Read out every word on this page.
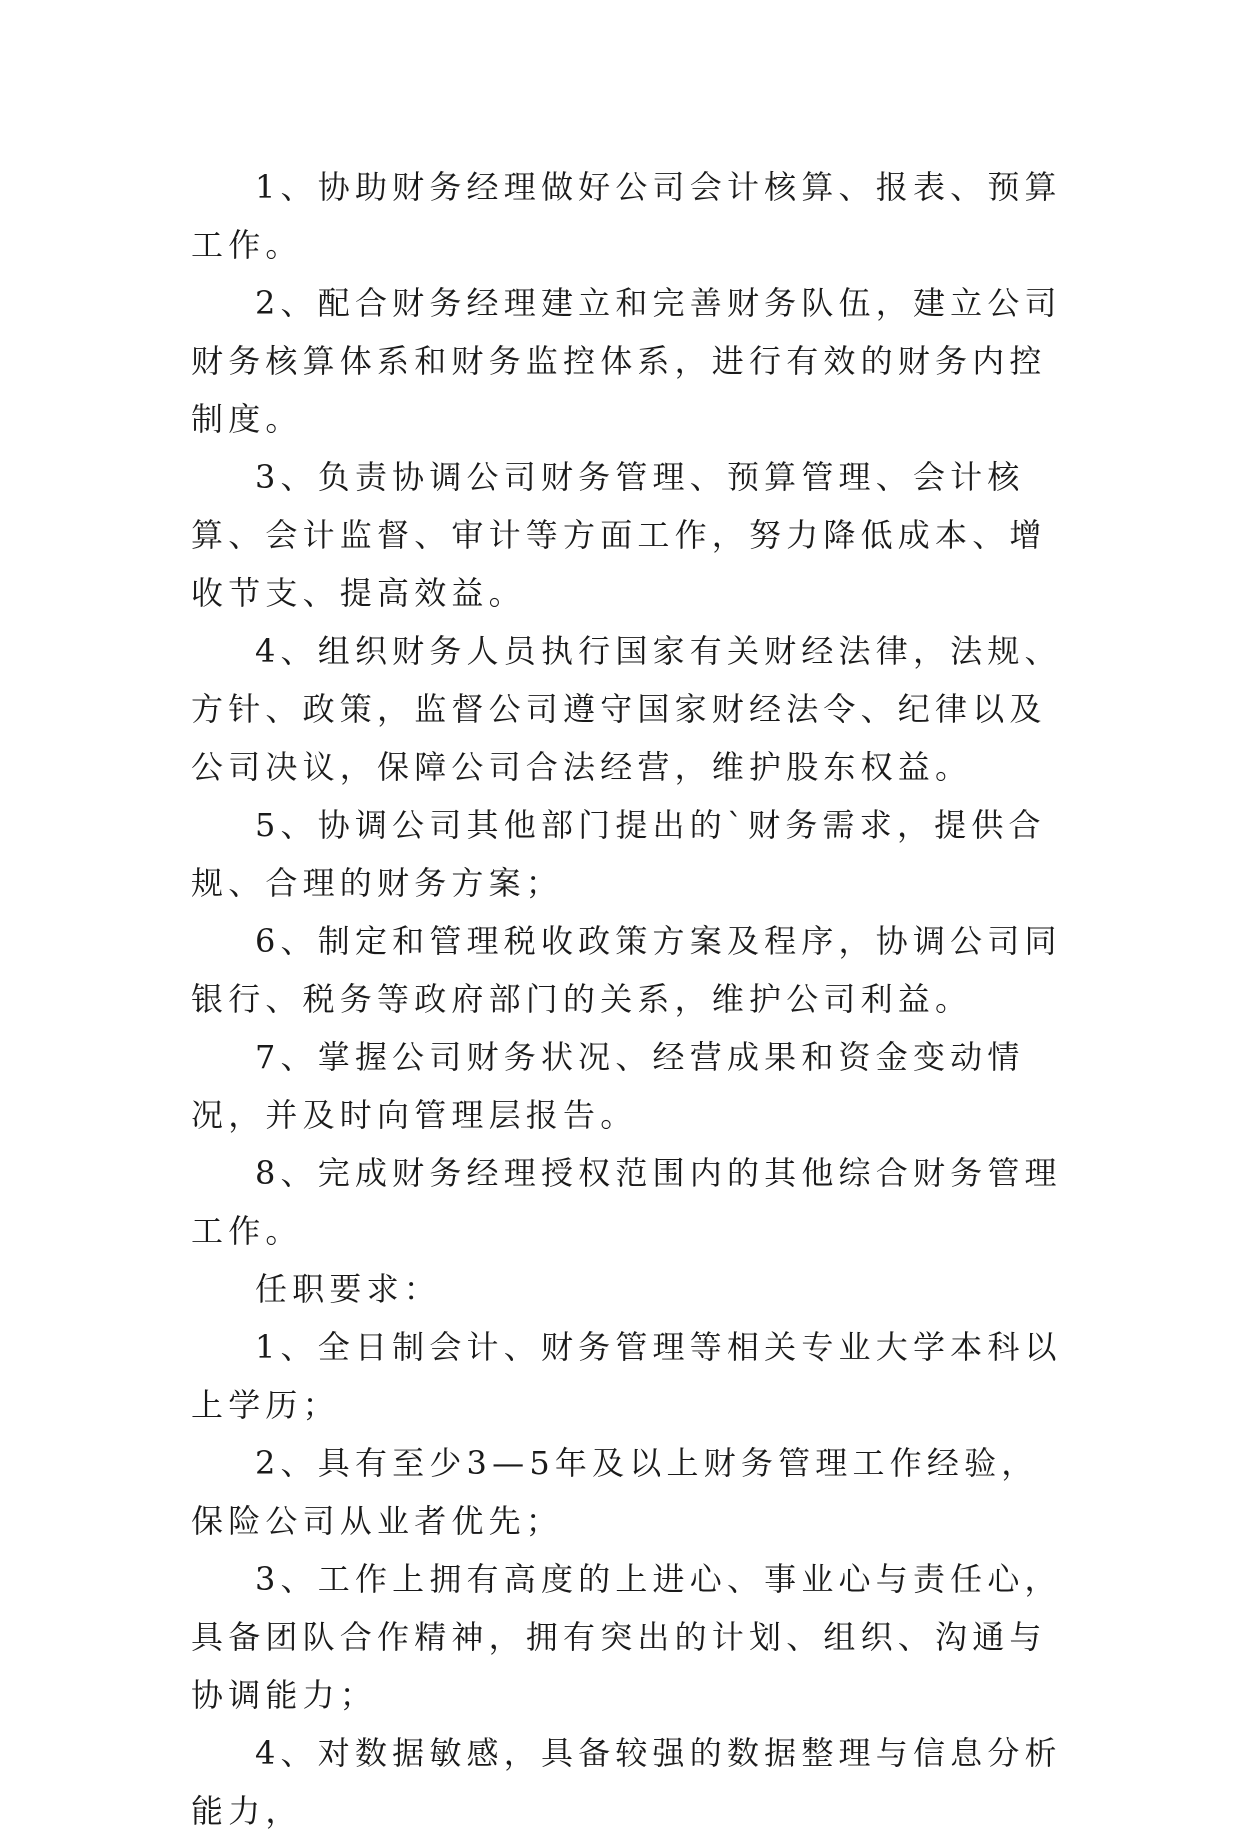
1、协助财务经理做好公司会计核算、报表、预算工作。

2、配合财务经理建立和完善财务队伍，建立公司财务核算体系和财务监控体系，进行有效的财务内控制度。

3、负责协调公司财务管理、预算管理、会计核算、会计监督、审计等方面工作，努力降低成本、增收节支、提高效益。

4、组织财务人员执行国家有关财经法律，法规、方针、政策，监督公司遵守国家财经法令、纪律以及公司决议，保障公司合法经营，维护股东权益。

5、协调公司其他部门提出的`财务需求，提供合规、合理的财务方案；

6、制定和管理税收政策方案及程序，协调公司同银行、税务等政府部门的关系，维护公司利益。

7、掌握公司财务状况、经营成果和资金变动情况，并及时向管理层报告。

8、完成财务经理授权范围内的其他综合财务管理工作。

任职要求：

1、全日制会计、财务管理等相关专业大学本科以上学历；

2、具有至少3—5年及以上财务管理工作经验，保险公司从业者优先；

3、工作上拥有高度的上进心、事业心与责任心，具备团队合作精神，拥有突出的计划、组织、沟通与协调能力；

4、对数据敏感，具备较强的数据整理与信息分析能力，
